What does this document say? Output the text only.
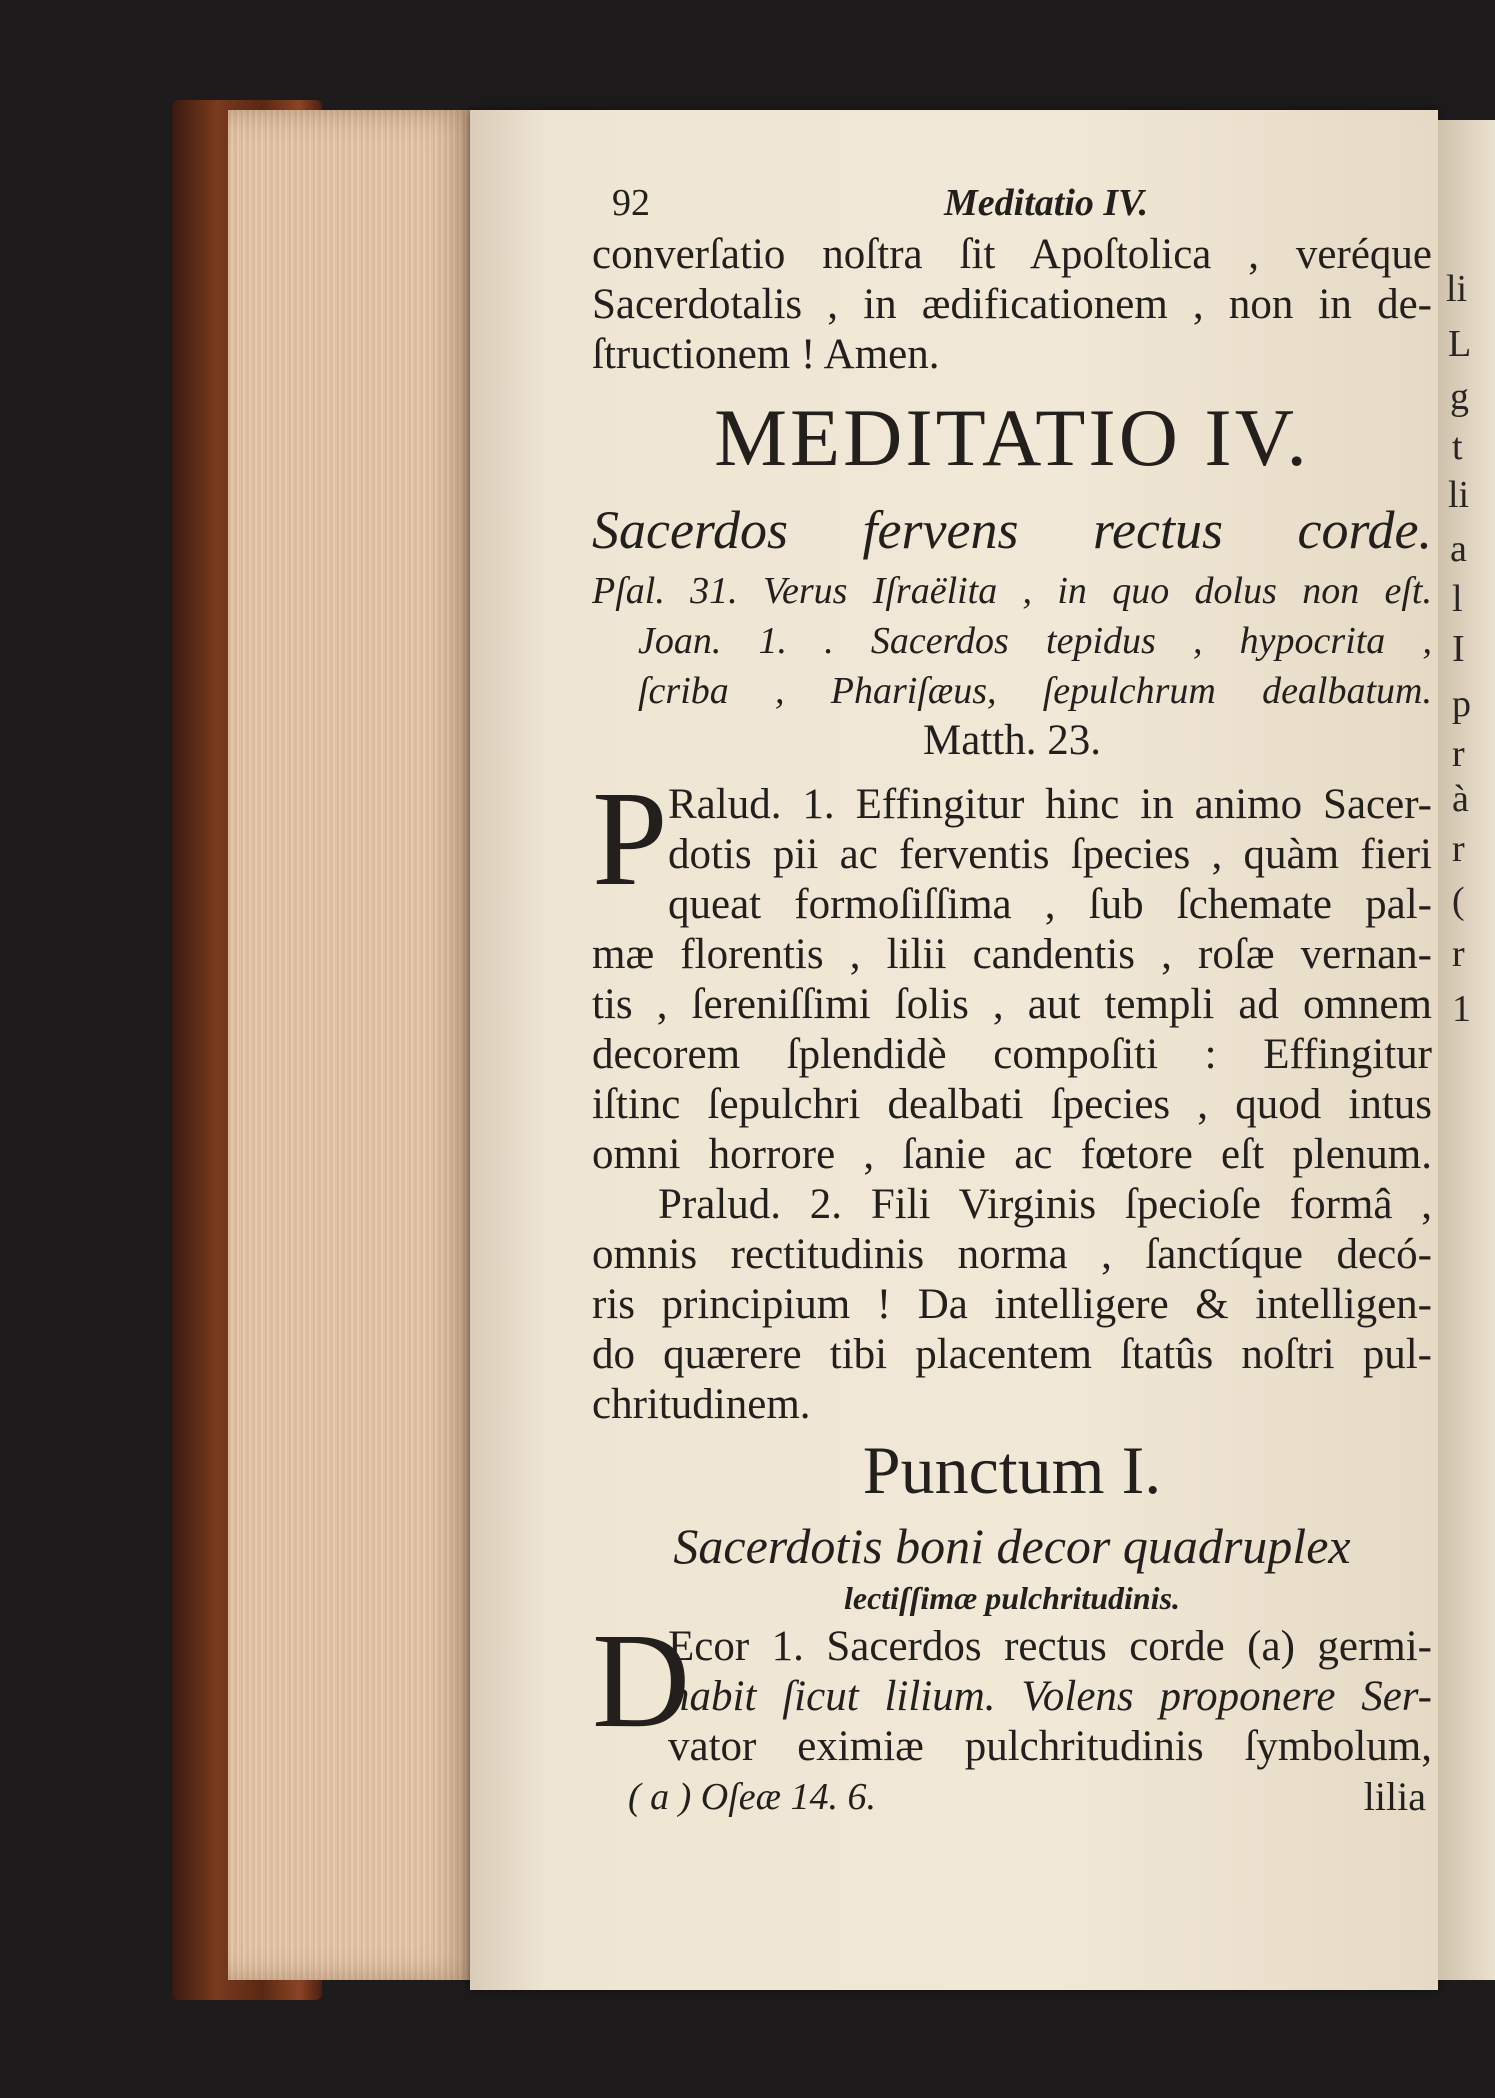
li
L
g
t
li
a
l
I
p
r
à
r
(
r
1
92	Meditatio IV.
converſatio noſtra ſit Apoſtolica , veréque
Sacerdotalis , in ædificationem , non in de-
ſtructionem ! Amen.
MEDITATIO IV.
Sacerdos fervens rectus corde.
Pſal. 31. Verus Iſraëlita , in quo dolus non eſt.
Joan. 1. . Sacerdos tepidus , hypocrita ,
ſcriba , Phariſæus, ſepulchrum dealbatum.
Matth. 23.
P Ralud. 1. Effingitur hinc in animo Sacer-
dotis pii ac ferventis ſpecies , quàm fieri
queat formoſiſſima , ſub ſchemate pal-
mæ florentis , lilii candentis , roſæ vernan-
tis , ſereniſſimi ſolis , aut templi ad omnem
decorem ſplendidè compoſiti : Effingitur
iſtinc ſepulchri dealbati ſpecies , quod intus
omni horrore , ſanie ac fœtore eſt plenum.
Pralud. 2. Fili Virginis ſpecioſe formâ ,
omnis rectitudinis norma , ſanctíque decó-
ris principium ! Da intelligere & intelligen-
do quærere tibi placentem ſtatûs noſtri pul-
chritudinem.
Punctum I.
Sacerdotis boni decor quadruplex
lectiſſimæ pulchritudinis.
D
Ecor 1. Sacerdos rectus corde (a) germi-
nabit ſicut lilium. Volens proponere Ser-
vator eximiæ pulchritudinis ſymbolum,
( a ) Oſeæ 14. 6.	lilia
